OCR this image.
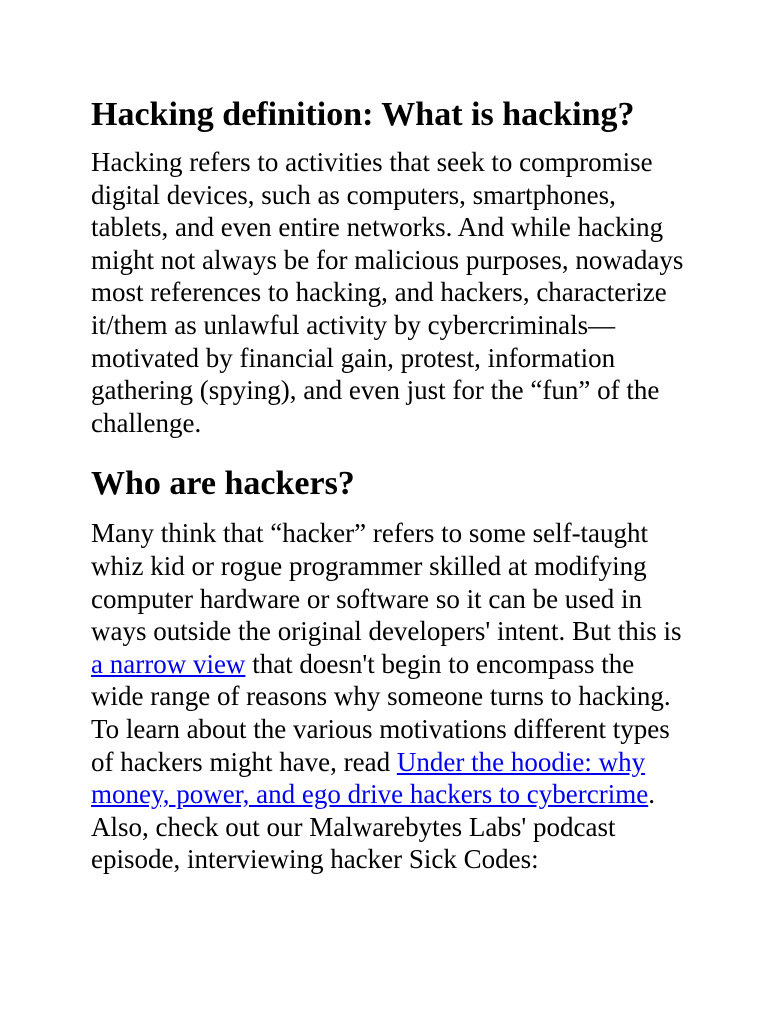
Hacking definition: What is hacking?

Hacking refers to activities that seek to compromise digital devices, such as computers, smartphones, tablets, and even entire networks. And while hacking might not always be for malicious purposes, nowadays most references to hacking, and hackers, characterize it/them as unlawful activity by cybercriminals—motivated by financial gain, protest, information gathering (spying), and even just for the “fun” of the challenge.

Who are hackers?

Many think that “hacker” refers to some self-taught whiz kid or rogue programmer skilled at modifying computer hardware or software so it can be used in ways outside the original developers' intent. But this is a narrow view that doesn't begin to encompass the wide range of reasons why someone turns to hacking. To learn about the various motivations different types of hackers might have, read Under the hoodie: why money, power, and ego drive hackers to cybercrime. Also, check out our Malwarebytes Labs' podcast episode, interviewing hacker Sick Codes:
